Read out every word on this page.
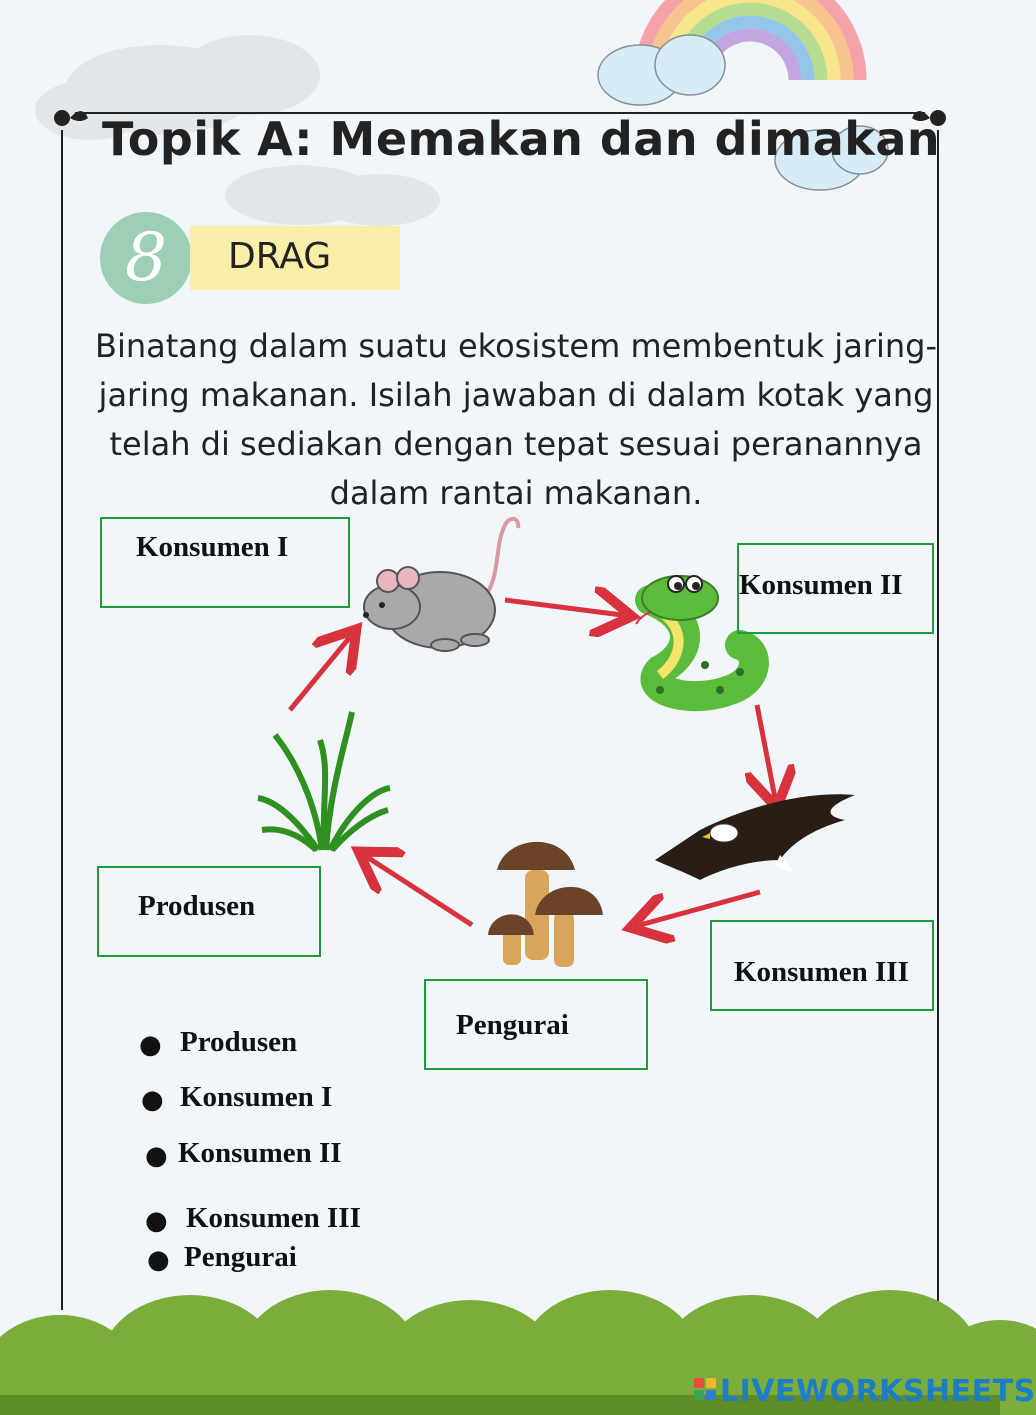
Topik A: Memakan dan dimakan
8	DRAG
Binatang dalam suatu ekosistem membentuk jaring-jaring makanan. Isilah jawaban di dalam kotak yang telah di sediakan dengan tepat sesuai peranannya dalam rantai makanan.
Konsumen I
Konsumen II
Produsen
Pengurai
Konsumen III
● Produsen
● Konsumen I
● Konsumen II
● Konsumen III
● Pengurai
LIVEWORKSHEETS
